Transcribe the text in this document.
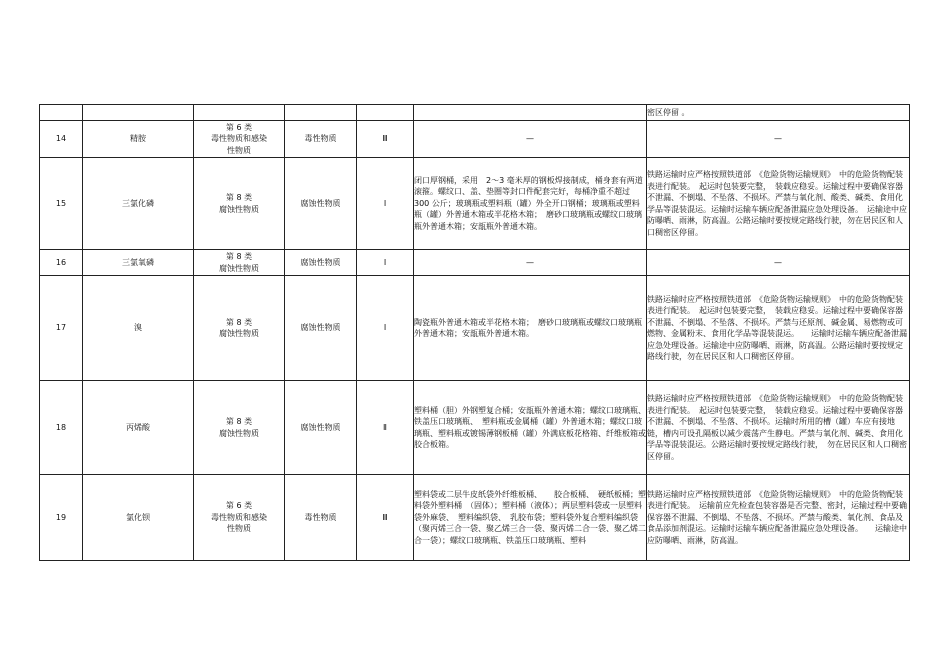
						密区停留 。
14	精胺	第 6 类
毒性物质和感染
性物质	毒性物质	Ⅲ	—	—
15	三氯化磷	第 8 类
腐蚀性物质	腐蚀性物质	Ⅰ	闭口厚钢桶，采用　2～3 毫米厚的钢板焊接制成，桶身套有两道滚箍。螺纹口、盖、垫圈等封口件配套完好，每桶净重不超过　　300 公斤；玻璃瓶或塑料瓶（罐）外全开口钢桶；玻璃瓶或塑料瓶（罐）外普通木箱或半花格木箱；　磨砂口玻璃瓶或螺纹口玻璃瓶外普通木箱；安瓿瓶外普通木箱。	铁路运输时应严格按照铁道部　《危险货物运输规则》　中的危险货物配装表进行配装。　起运时包装要完整，　装载应稳妥。运输过程中要确保容器不泄漏、不倒塌、不坠落、不损坏。严禁与氧化剂、酸类、碱类、食用化学品等混装混运。运输时运输车辆应配备泄漏应急处理设备。　运输途中应防曝晒、雨淋，防高温。公路运输时要按规定路线行驶，勿在居民区和人口稠密区停留。
16	三氯氧磷	第 8 类
腐蚀性物质	腐蚀性物质	Ⅰ	—	—
17	溴	第 8 类
腐蚀性物质	腐蚀性物质	Ⅰ	陶瓷瓶外普通木箱或半花格木箱；　磨砂口玻璃瓶或螺纹口玻璃瓶外普通木箱；安瓿瓶外普通木箱。	铁路运输时应严格按照铁道部　《危险货物运输规则》　中的危险货物配装表进行配装。　起运时包装要完整，　装载应稳妥。运输过程中要确保容器不泄漏、不倒塌、不坠落、不损坏。严禁与还原剂、碱金属、易燃物或可燃物、金属粉末、食用化学品等混装混运。　　运输时运输车辆应配备泄漏应急处理设备。运输途中应防曝晒、雨淋，防高温。公路运输时要按规定路线行驶，勿在居民区和人口稠密区停留。
18	丙烯酸	第 8 类
腐蚀性物质	腐蚀性物质	Ⅱ	塑料桶（胆）外钢塑复合桶；安瓿瓶外普通木箱；螺纹口玻璃瓶、铁盖压口玻璃瓶、　塑料瓶或金属桶（罐）外普通木箱；螺纹口玻璃瓶、塑料瓶或镀锡薄钢板桶（罐）外满底板花格箱、纤维板箱或胶合板箱。	铁路运输时应严格按照铁道部　《危险货物运输规则》　中的危险货物配装表进行配装。　起运时包装要完整，　装载应稳妥。运输过程中要确保容器不泄漏、不倒塌、不坠落、不损坏。运输时所用的槽（罐）车应有接地链，槽内可设孔隔板以减少震荡产生静电。严禁与氧化剂、碱类、食用化学品等混装混运。公路运输时要按规定路线行驶，　勿在居民区和人口稠密区停留。
19	氯化钡	第 6 类
毒性物质和感染
性物质	毒性物质	Ⅲ	塑料袋或二层牛皮纸袋外纤维板桶、　　胶合板桶、　硬纸板桶；塑料袋外塑料桶　（固体）；塑料桶（液体）；两层塑料袋或一层塑料袋外麻袋、　塑料编织袋、　乳胶布袋；塑料袋外复合塑料编织袋　（聚丙烯三合一袋、聚乙烯三合一袋、聚丙烯二合一袋、聚乙烯二合一袋）；螺纹口玻璃瓶、铁盖压口玻璃瓶、塑料	铁路运输时应严格按照铁道部　《危险货物运输规则》　中的危险货物配装表进行配装。　运输前应先检查包装容器是否完整、密封，运输过程中要确保容器不泄漏、不倒塌、不坠落、不损坏。严禁与酸类、氧化剂、食品及食品添加剂混运。运输时运输车辆应配备泄漏应急处理设备。　　运输途中应防曝晒、雨淋，防高温。
